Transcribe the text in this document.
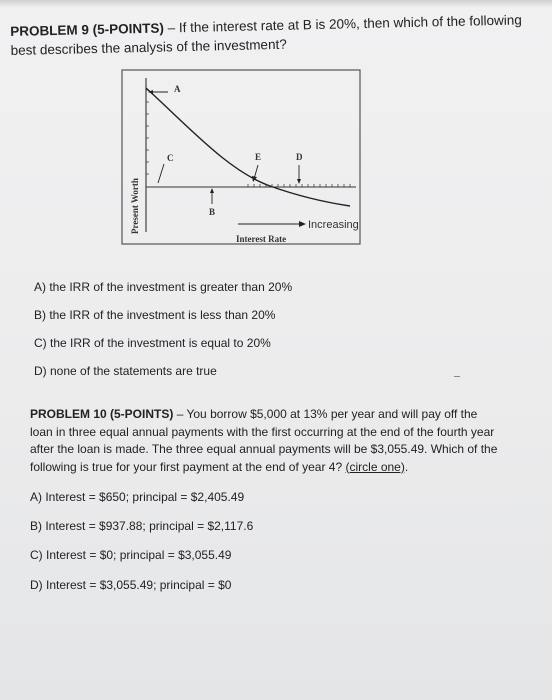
PROBLEM 9 (5-POINTS) – If the interest rate at B is 20%, then which of the following
best describes the analysis of the investment?
A
C	E	D
B
Present Worth	Increasing
Interest Rate
A) the IRR of the investment is greater than 20%
B) the IRR of the investment is less than 20%
C) the IRR of the investment is equal to 20%
D) none of the statements are true
PROBLEM 10 (5-POINTS) – You borrow $5,000 at 13% per year and will pay off the
loan in three equal annual payments with the first occurring at the end of the fourth year
after the loan is made. The three equal annual payments will be $3,055.49. Which of the
following is true for your first payment at the end of year 4? (circle one).
A) Interest = $650; principal = $2,405.49
B) Interest = $937.88; principal = $2,117.6
C) Interest = $0; principal = $3,055.49
D) Interest = $3,055.49; principal = $0
